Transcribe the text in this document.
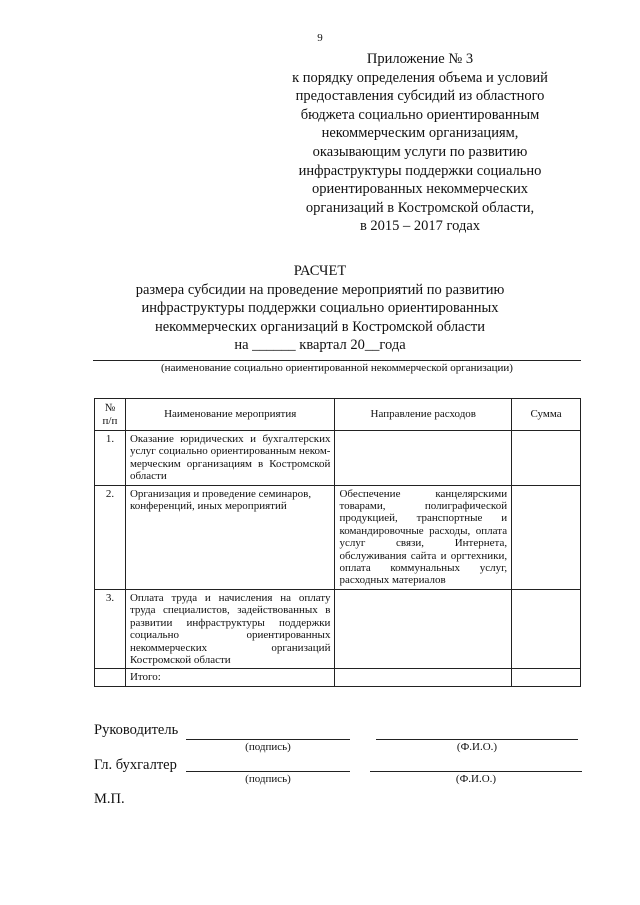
9
Приложение № 3
к порядку определения объема и условий
предоставления субсидий из областного
бюджета социально ориентированным
некоммерческим организациям,
оказывающим услуги по развитию
инфраструктуры поддержки социально
ориентированных некоммерческих
организаций в Костромской области,
в 2015 – 2017 годах
РАСЧЕТ
размера субсидии на проведение мероприятий по развитию
инфраструктуры поддержки социально ориентированных
некоммерческих организаций в Костромской области
на ______ квартал 20__года
(наименование социально ориентированной некоммерческой организации)
№ п/п	Наименование мероприятия	Направление расходов	Сумма
1.	Оказание юридических и бухгалтерских услуг социально ориентированным неком-мерческим организациям в Костромской области		
2.	Организация и проведение семинаров, конференций, иных мероприятий	Обеспечение канцелярскими товарами, полиграфической продукцией, транспортные и командировочные расходы, оплата услуг связи, Интернета, обслуживания сайта и оргтехники, оплата коммунальных услуг, расходных материалов	
3.	Оплата труда и начисления на оплату труда специалистов, задействованных в развитии инфраструктуры поддержки социально ориентированных некоммерческих организаций Костромской области		
	Итого:		
Руководитель
(подпись)	(Ф.И.О.)
Гл. бухгалтер
(подпись)	(Ф.И.О.)
М.П.
